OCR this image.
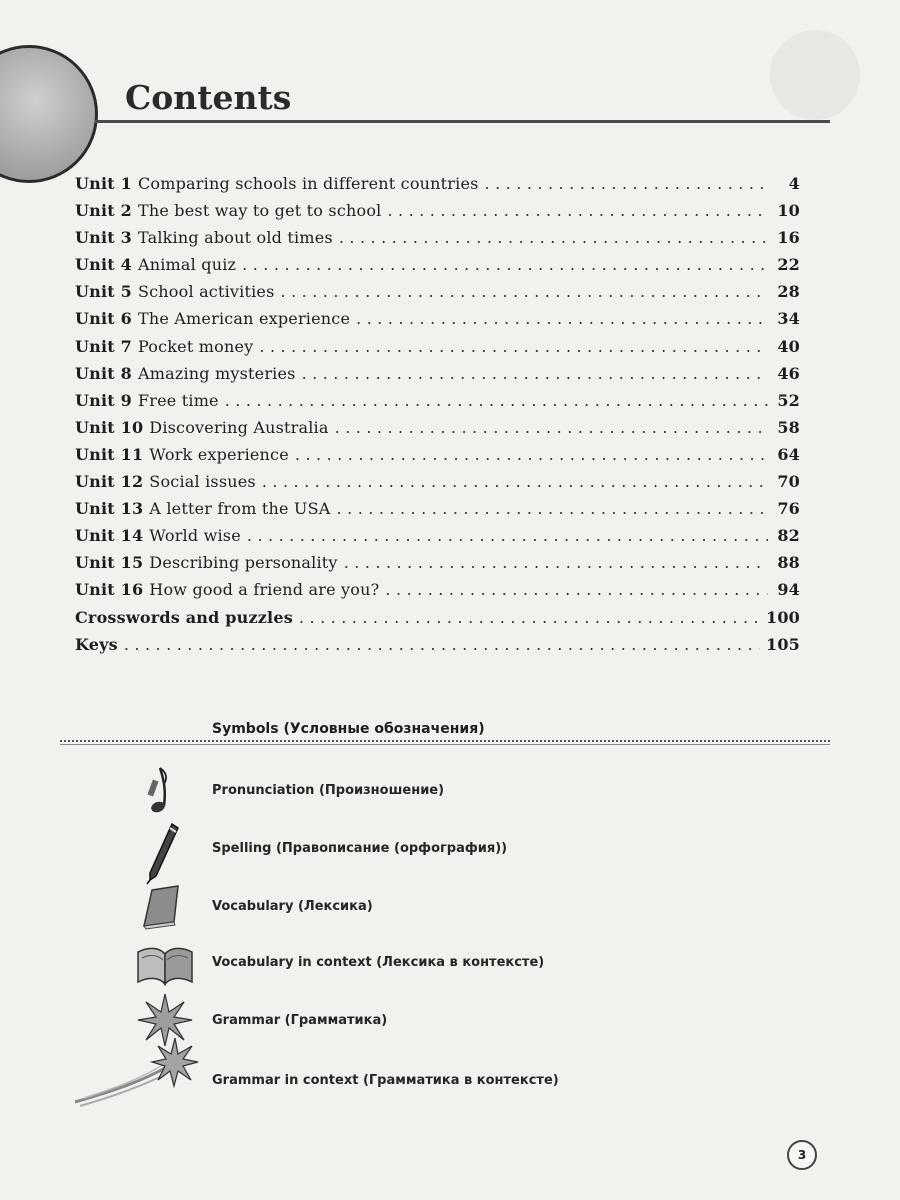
Contents
Unit 1 Comparing schools in different countries . . .	4
Unit 2 The best way to get to school . . .	10
Unit 3 Talking about old times . . .	16
Unit 4 Animal quiz . . .	22
Unit 5 School activities . . .	28
Unit 6 The American experience . . .	34
Unit 7 Pocket money . . .	40
Unit 8 Amazing mysteries . . .	46
Unit 9 Free time . . .	52
Unit 10 Discovering Australia . . .	58
Unit 11 Work experience . . .	64
Unit 12 Social issues . . .	70
Unit 13 A letter from the USA . . .	76
Unit 14 World wise . . .	82
Unit 15 Describing personality . . .	88
Unit 16 How good a friend are you? . . .	94
Crosswords and puzzles . . .	100
Keys . . .	105

Symbols (Условные обозначения)

Pronunciation (Произношение)
Spelling (Правописание (орфография))
Vocabulary (Лексика)
Vocabulary in context (Лексика в контексте)
Grammar (Грамматика)
Grammar in context (Грамматика в контексте)
3
